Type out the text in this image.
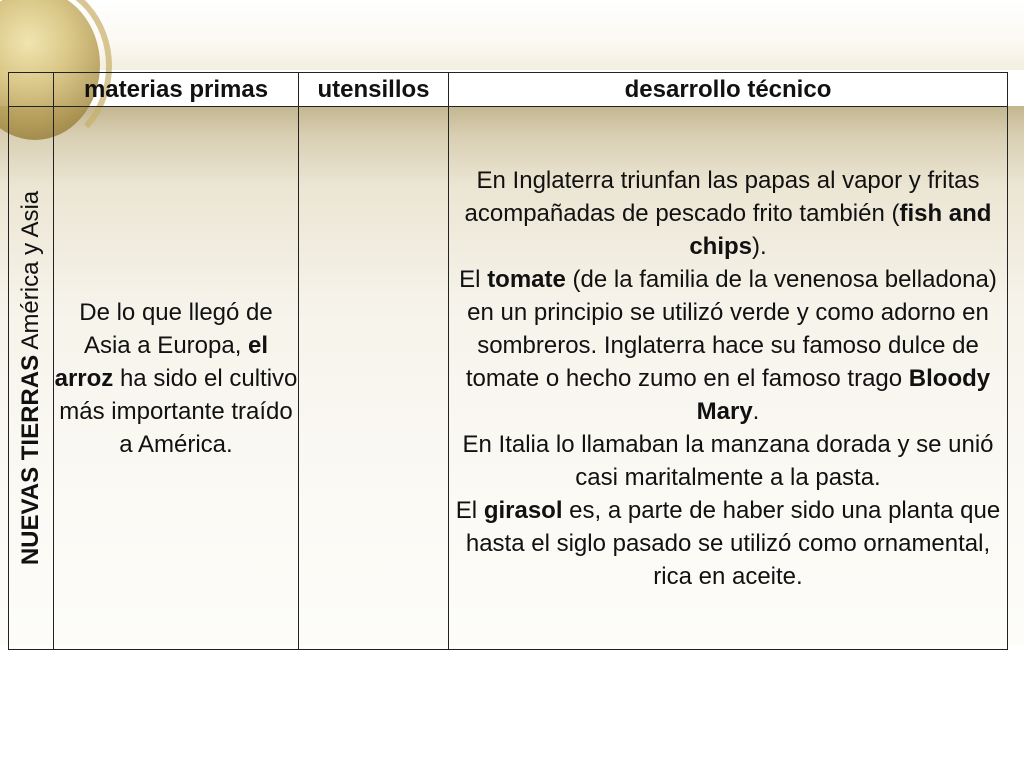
	materias primas	utensillos	desarrollo técnico

NUEVAS TIERRAS América y Asia	De lo que llegó de Asia a Europa, el arroz ha sido el cultivo más importante traído a América.		En Inglaterra triunfan las papas al vapor y fritas acompañadas de pescado frito también (fish and chips).

El tomate (de la familia de la venenosa belladona) en un principio se utilizó verde y como adorno en sombreros. Inglaterra hace su famoso dulce de tomate o hecho zumo en el famoso trago Bloody Mary.

En Italia lo llamaban la manzana dorada y se unió casi maritalmente a la pasta.

El girasol es, a parte de haber sido una planta que hasta el siglo pasado se utilizó como ornamental, rica en aceite.
